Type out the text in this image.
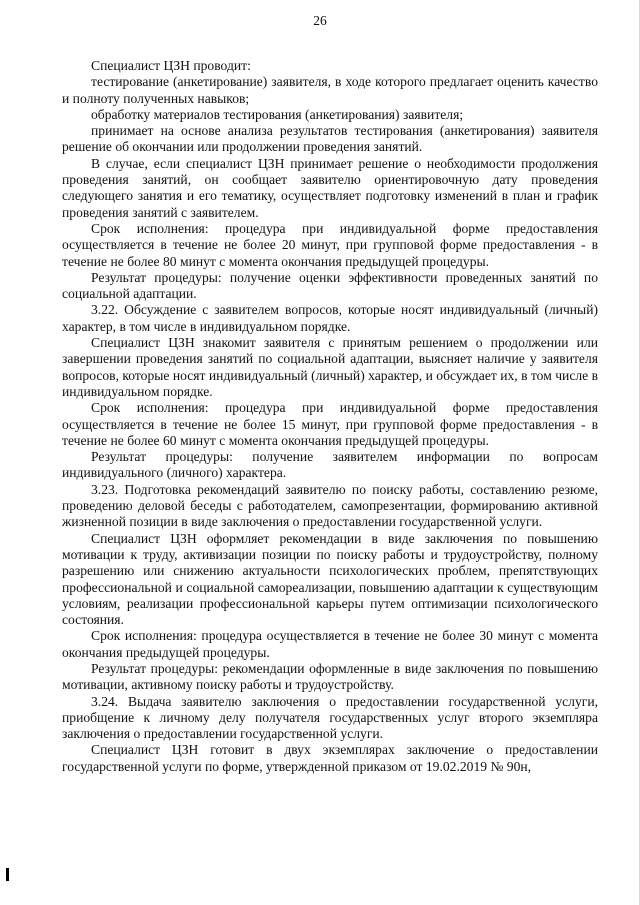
26

Специалист ЦЗН проводит:

тестирование (анкетирование) заявителя, в ходе которого предлагает оценить качество и полноту полученных навыков;

обработку материалов тестирования (анкетирования) заявителя;

принимает на основе анализа результатов тестирования (анкетирования) заявителя решение об окончании или продолжении проведения занятий.

В случае, если специалист ЦЗН принимает решение о необходимости продолжения проведения занятий, он сообщает заявителю ориентировочную дату проведения следующего занятия и его тематику, осуществляет подготовку изменений в план и график проведения занятий с заявителем.

Срок исполнения: процедура при индивидуальной форме предоставления осуществляется в течение не более 20 минут, при групповой форме предоставления - в течение не более 80 минут с момента окончания предыдущей процедуры.

Результат процедуры: получение оценки эффективности проведенных занятий по социальной адаптации.

3.22. Обсуждение с заявителем вопросов, которые носят индивидуальный (личный) характер, в том числе в индивидуальном порядке.

Специалист ЦЗН знакомит заявителя с принятым решением о продолжении или завершении проведения занятий по социальной адаптации, выясняет наличие у заявителя вопросов, которые носят индивидуальный (личный) характер, и обсуждает их, в том числе в индивидуальном порядке.

Срок исполнения: процедура при индивидуальной форме предоставления осуществляется в течение не более 15 минут, при групповой форме предоставления - в течение не более 60 минут с момента окончания предыдущей процедуры.

Результат процедуры: получение заявителем информации по вопросам индивидуального (личного) характера.

3.23. Подготовка рекомендаций заявителю по поиску работы, составлению резюме, проведению деловой беседы с работодателем, самопрезентации, формированию активной жизненной позиции в виде заключения о предоставлении государственной услуги.

Специалист ЦЗН оформляет рекомендации в виде заключения по повышению мотивации к труду, активизации позиции по поиску работы и трудоустройству, полному разрешению или снижению актуальности психологических проблем, препятствующих профессиональной и социальной самореализации, повышению адаптации к существующим условиям, реализации профессиональной карьеры путем оптимизации психологического состояния.

Срок исполнения: процедура осуществляется в течение не более 30 минут с момента окончания предыдущей процедуры.

Результат процедуры: рекомендации оформленные в виде заключения по повышению мотивации, активному поиску работы и трудоустройству.

3.24. Выдача заявителю заключения о предоставлении государственной услуги, приобщение к личному делу получателя государственных услуг второго экземпляра заключения о предоставлении государственной услуги.

Специалист ЦЗН готовит в двух экземплярах заключение о предоставлении государственной услуги по форме, утвержденной приказом от 19.02.2019 № 90н,
